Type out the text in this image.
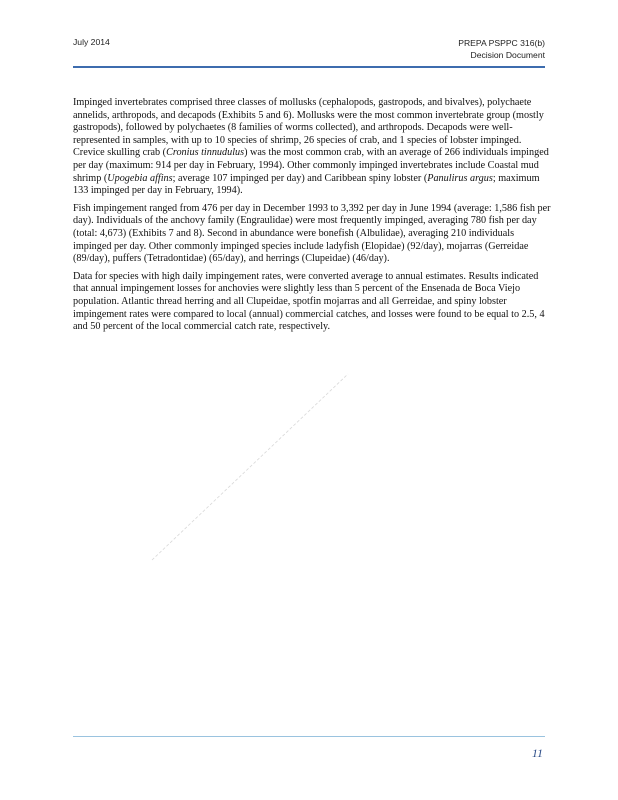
July 2014	PREPA PSPPC 316(b)
Decision Document

Impinged invertebrates comprised three classes of mollusks (cephalopods, gastropods, and bivalves), polychaete annelids, arthropods, and decapods (Exhibits 5 and 6). Mollusks were the most common invertebrate group (mostly gastropods), followed by polychaetes (8 families of worms collected), and arthropods. Decapods were well-represented in samples, with up to 10 species of shrimp, 26 species of crab, and 1 species of lobster impinged. Crevice skulling crab (Cronius tinnudulus) was the most common crab, with an average of 266 individuals impinged per day (maximum: 914 per day in February, 1994). Other commonly impinged invertebrates include Coastal mud shrimp (Upogebia affins; average 107 impinged per day) and Caribbean spiny lobster (Panulirus argus; maximum 133 impinged per day in February, 1994).

Fish impingement ranged from 476 per day in December 1993 to 3,392 per day in June 1994 (average: 1,586 fish per day). Individuals of the anchovy family (Engraulidae) were most frequently impinged, averaging 780 fish per day (total: 4,673) (Exhibits 7 and 8). Second in abundance were bonefish (Albulidae), averaging 210 individuals impinged per day. Other commonly impinged species include ladyfish (Elopidae) (92/day), mojarras (Gerreidae (89/day), puffers (Tetradontidae) (65/day), and herrings (Clupeidae) (46/day).

Data for species with high daily impingement rates, were converted average to annual estimates. Results indicated that annual impingement losses for anchovies were slightly less than 5 percent of the Ensenada de Boca Viejo population. Atlantic thread herring and all Clupeidae, spotfin mojarras and all Gerreidae, and spiny lobster impingement rates were compared to local (annual) commercial catches, and losses were found to be equal to 2.5, 4 and 50 percent of the local commercial catch rate, respectively.

11
